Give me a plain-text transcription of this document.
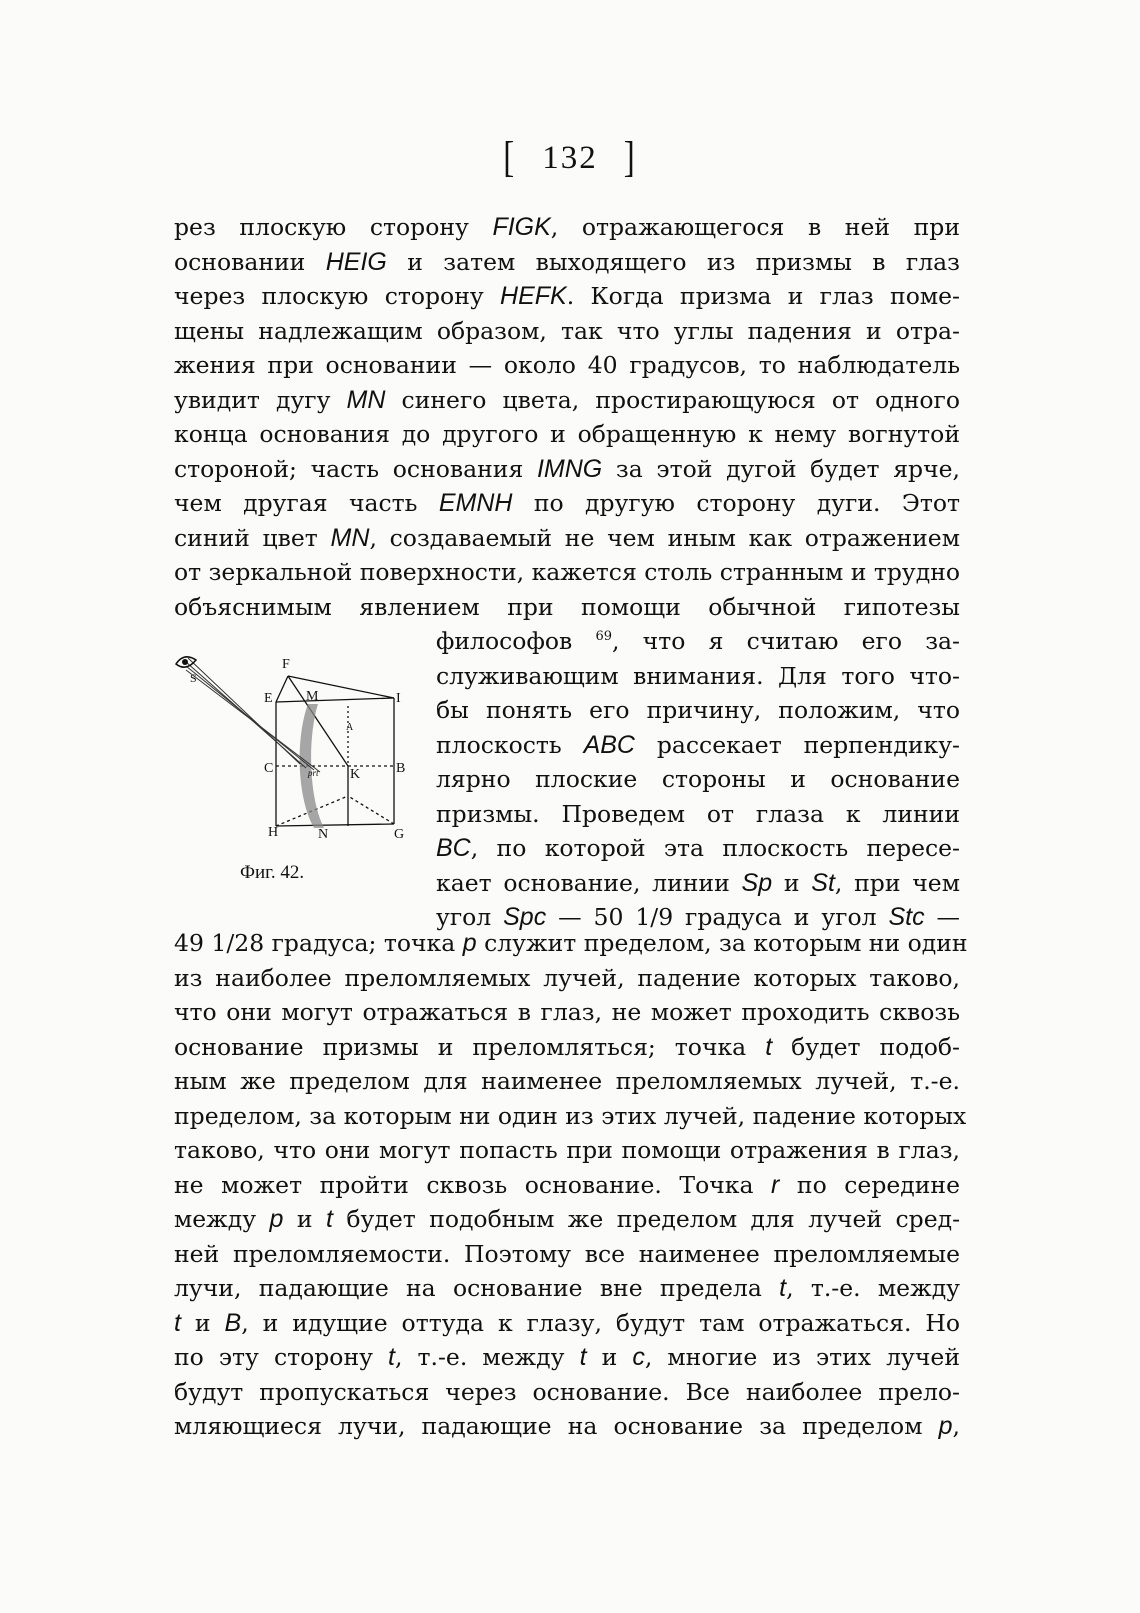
[ 132 ]
рез плоскую сторону FIGK, отражающегося в ней при
основании HEIG и затем выходящего из призмы в глаз
через плоскую сторону HEFK. Когда призма и глаз поме-
щены надлежащим образом, так что углы падения и отра-
жения при основании — около 40 градусов, то наблюдатель
увидит дугу MN синего цвета, простирающуюся от одного
конца основания до другого и обращенную к нему вогнутой
стороной; часть основания IMNG за этой дугой будет ярче,
чем другая часть EMNH по другую сторону дуги. Этот
синий цвет MN, создаваемый не чем иным как отражением
от зеркальной поверхности, кажется столь странным и трудно
объяснимым явлением при помощи обычной гипотезы
философов $^{69}$, что я считаю его за-
служивающим внимания. Для того что-
бы понять его причину, положим, что
плоскость ABC рассекает перпендику-
лярно плоские стороны и основание
призмы. Проведем от глаза к линии
BC, по которой эта плоскость пересе-
кает основание, линии Sp и St, при чем
угол Spc — 50 1/9 градуса и угол Stc —
49 1/28 градуса; точка p служит пределом, за которым ни один
из наиболее преломляемых лучей, падение которых таково,
что они могут отражаться в глаз, не может проходить сквозь
основание призмы и преломляться; точка t будет подоб-
ным же пределом для наименее преломляемых лучей, т.-е.
пределом, за которым ни один из этих лучей, падение которых
таково, что они могут попасть при помощи отражения в глаз,
не может пройти сквозь основание. Точка r по середине
между p и t будет подобным же пределом для лучей сред-
ней преломляемости. Поэтому все наименее преломляемые
лучи, падающие на основание вне предела t, т.-е. между
t и B, и идущие оттуда к глазу, будут там отражаться. Но
по эту сторону t, т.-е. между t и c, многие из этих лучей
будут пропускаться через основание. Все наиболее прело-
мляющиеся лучи, падающие на основание за пределом p,
F
E M	I
C	B
K
A
H	N	G
S
prt
Фиг. 42.
